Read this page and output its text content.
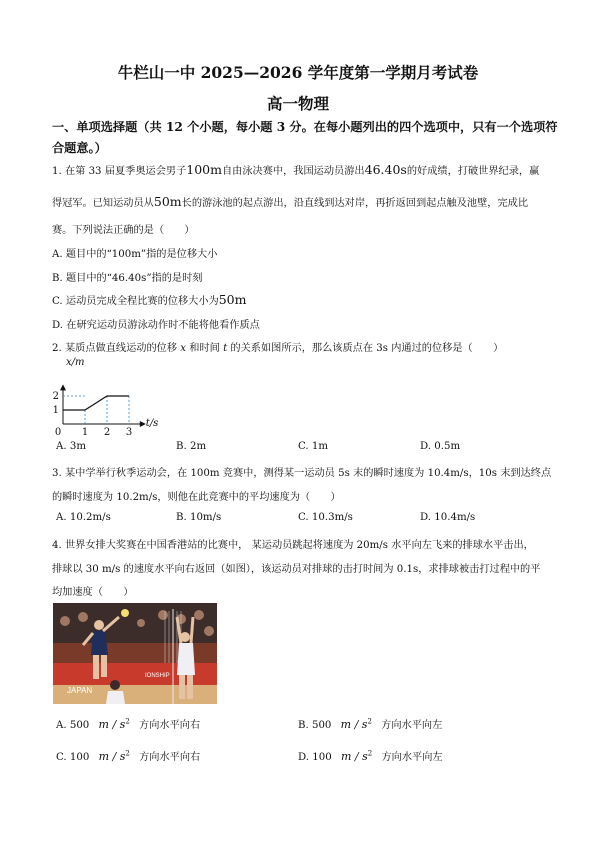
牛栏山一中 2025—2026 学年度第一学期月考试卷
高一物理
一、单项选择题（共 12 个小题，每小题 3 分。在每小题列出的四个选项中，只有一个选项符
合题意。）
1. 在第 33 届夏季奥运会男子100m自由泳决赛中，我国运动员游出46.40s的好成绩，打破世界纪录，赢
得冠军。已知运动员从50m长的游泳池的起点游出，沿直线到达对岸，再折返回到起点触及池壁，完成比
赛。下列说法正确的是（　　）
A. 题目中的“100m”指的是位移大小
B. 题目中的“46.40s”指的是时刻
C. 运动员完成全程比赛的位移大小为50m
D. 在研究运动员游泳动作时不能将他看作质点
2. 某质点做直线运动的位移 x 和时间 t 的关系如图所示，那么该质点在 3s 内通过的位移是（　　）
0 1 2 3
1
2
x/m
t/s
A. 3m	B. 2m	C. 1m	D. 0.5m
3. 某中学举行秋季运动会，在 100m 竞赛中，测得某一运动员 5s 末的瞬时速度为 10.4m/s，10s 末到达终点
的瞬时速度为 10.2m/s，则他在此竞赛中的平均速度为（　　）
A. 10.2m/s	B. 10m/s	C. 10.3m/s	D. 10.4m/s
4. 世界女排大奖赛在中国香港站的比赛中， 某运动员跳起将速度为 20m/s 水平向左飞来的排球水平击出，
排球以 30 m/s 的速度水平向右返回（如图），该运动员对排球的击打时间为 0.1s，求排球被击打过程中的平
均加速度（　　）
JAPAN
IONSHIP
A. 500 m / $s^2$ 方向水平向右	B. 500 m / $s^2$ 方向水平向左
C. 100 m / $s^2$ 方向水平向右	D. 100 m / $s^2$ 方向水平向左
